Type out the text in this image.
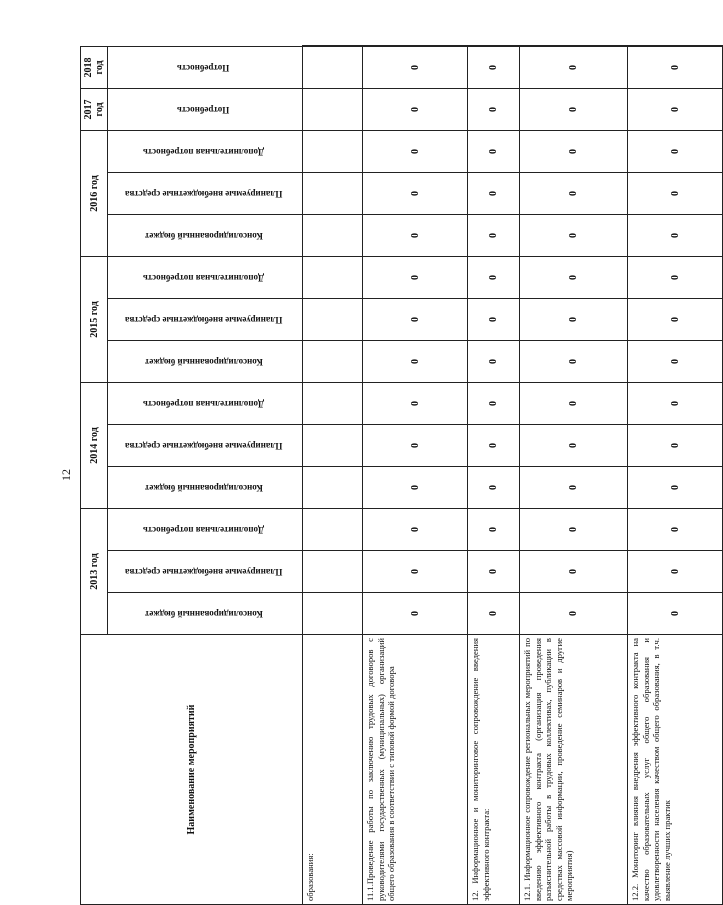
12
Наименование мероприятий	2013 год			2014 год			2015 год			2016 год			2017 год	2018 год	
	Консолидированный бюджет	Планируемые внебюджетные средства	Дополнительная потребность	Консолидированный бюджет	Планируемые внебюджетные средства	Дополнительная потребность	Консолидированный бюджет	Планируемые внебюджетные средства	Дополнительная потребность	Консолидированный бюджет	Планируемые внебюджетные средства	Дополнительная потребность	Потребность	Потребность	
образования:															
11.1.Проведение работы по заключению трудовых договоров с руководителями государственных (муниципальных) организаций общего образования в соответствии с типовой формой договора	0	0	0	0	0	0	0	0	0	0	0	0	0	0	
12. Информационное и мониторинговое сопровождение введения эффективного контракта:	0	0	0	0	0	0	0	0	0	0	0	0	0	0	
12.1. Информационное сопровождение региональных мероприятий по введению эффективного контракта (организация проведения разъяснительной работы в трудовых коллективах, публикации в средствах массовой информации, проведение семинаров и другие мероприятия)	0	0	0	0	0	0	0	0	0	0	0	0	0	0	
12.2. Мониторинг влияния внедрения эффективного контракта на качество образовательных услуг общего образования и удовлетворенности населения качеством общего образования, в т.ч. выявление лучших практик	0	0	0	0	0	0	0	0	0	0	0	0	0	0	
